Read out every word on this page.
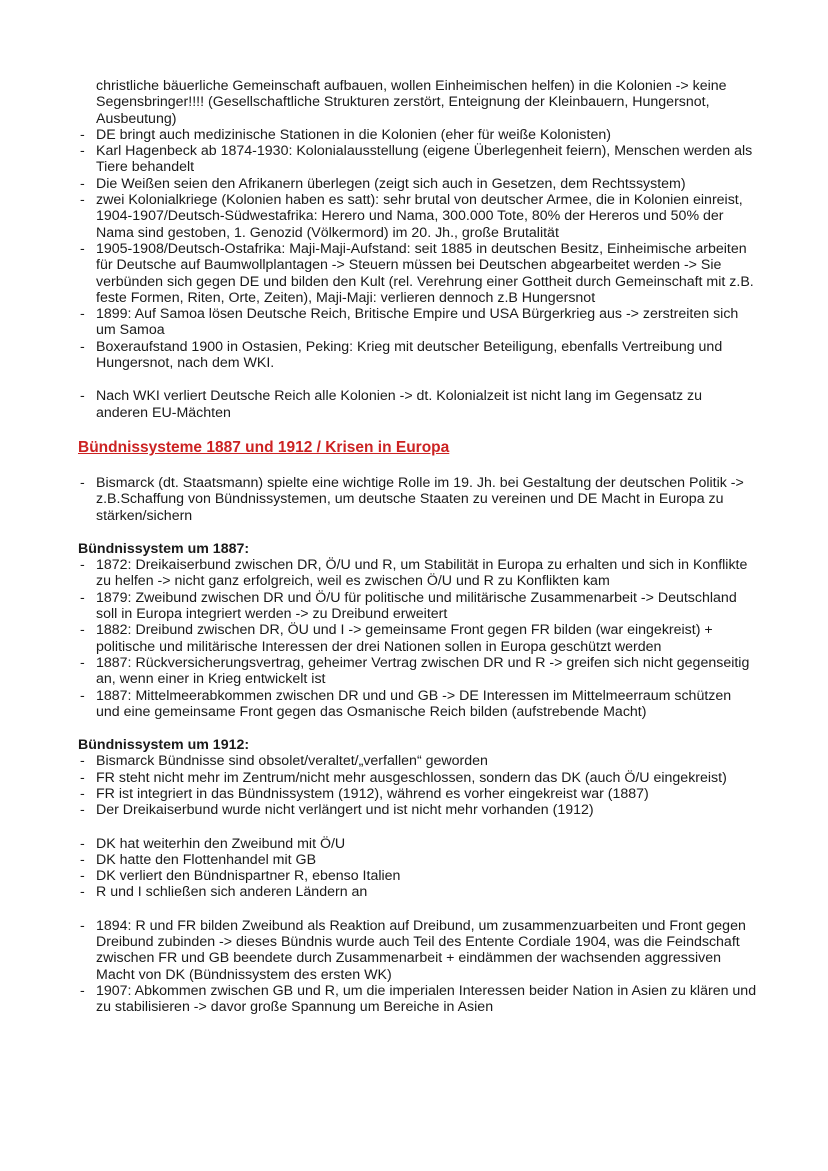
christliche bäuerliche Gemeinschaft aufbauen, wollen Einheimischen helfen) in die Kolonien -> keine Segensbringer!!!! (Gesellschaftliche Strukturen zerstört, Enteignung der Kleinbauern, Hungersnot, Ausbeutung)
- DE bringt auch medizinische Stationen in die Kolonien (eher für weiße Kolonisten)
- Karl Hagenbeck ab 1874-1930: Kolonialausstellung (eigene Überlegenheit feiern), Menschen werden als Tiere behandelt
- Die Weißen seien den Afrikanern überlegen (zeigt sich auch in Gesetzen, dem Rechtssystem)
- zwei Kolonialkriege (Kolonien haben es satt): sehr brutal von deutscher Armee, die in Kolonien einreist, 1904-1907/Deutsch-Südwestafrika: Herero und Nama, 300.000 Tote, 80% der Hereros und 50% der Nama sind gestoben, 1. Genozid (Völkermord) im 20. Jh., große Brutalität
- 1905-1908/Deutsch-Ostafrika: Maji-Maji-Aufstand: seit 1885 in deutschen Besitz, Einheimische arbeiten für Deutsche auf Baumwollplantagen -> Steuern müssen bei Deutschen abgearbeitet werden -> Sie verbünden sich gegen DE und bilden den Kult (rel. Verehrung einer Gottheit durch Gemeinschaft mit z.B. feste Formen, Riten, Orte, Zeiten), Maji-Maji: verlieren dennoch z.B Hungersnot
- 1899: Auf Samoa lösen Deutsche Reich, Britische Empire und USA Bürgerkrieg aus -> zerstreiten sich um Samoa
- Boxeraufstand 1900 in Ostasien, Peking: Krieg mit deutscher Beteiligung, ebenfalls Vertreibung und Hungersnot, nach dem WKI.
- Nach WKI verliert Deutsche Reich alle Kolonien -> dt. Kolonialzeit ist nicht lang im Gegensatz zu anderen EU-Mächten
Bündnissysteme 1887 und 1912 / Krisen in Europa
- Bismarck (dt. Staatsmann) spielte eine wichtige Rolle im 19. Jh. bei Gestaltung der deutschen Politik -> z.B.Schaffung von Bündnissystemen, um deutsche Staaten zu vereinen und DE Macht in Europa zu stärken/sichern
Bündnissystem um 1887:
- 1872: Dreikaiserbund zwischen DR, Ö/U und R, um Stabilität in Europa zu erhalten und sich in Konflikte zu helfen -> nicht ganz erfolgreich, weil es zwischen Ö/U und R zu Konflikten kam
- 1879: Zweibund zwischen DR und Ö/U für politische und militärische Zusammenarbeit -> Deutschland soll in Europa integriert werden -> zu Dreibund erweitert
- 1882: Dreibund zwischen DR, ÖU und I -> gemeinsame Front gegen FR bilden (war eingekreist) + politische und militärische Interessen der drei Nationen sollen in Europa geschützt werden
- 1887: Rückversicherungsvertrag, geheimer Vertrag zwischen DR und R -> greifen sich nicht gegenseitig an, wenn einer in Krieg entwickelt ist
- 1887: Mittelmeerabkommen zwischen DR und und GB -> DE Interessen im Mittelmeerraum schützen und eine gemeinsame Front gegen das Osmanische Reich bilden (aufstrebende Macht)
Bündnissystem um 1912:
- Bismarck Bündnisse sind obsolet/veraltet/„verfallen“ geworden
- FR steht nicht mehr im Zentrum/nicht mehr ausgeschlossen, sondern das DK (auch Ö/U eingekreist)
- FR ist integriert in das Bündnissystem (1912), während es vorher eingekreist war (1887)
- Der Dreikaiserbund wurde nicht verlängert und ist nicht mehr vorhanden (1912)
- DK hat weiterhin den Zweibund mit Ö/U
- DK hatte den Flottenhandel mit GB
- DK verliert den Bündnispartner R, ebenso Italien
- R und I schließen sich anderen Ländern an
- 1894: R und FR bilden Zweibund als Reaktion auf Dreibund, um zusammenzuarbeiten und Front gegen Dreibund zubinden -> dieses Bündnis wurde auch Teil des Entente Cordiale 1904, was die Feindschaft zwischen FR und GB beendete durch Zusammenarbeit + eindämmen der wachsenden aggressiven Macht von DK (Bündnissystem des ersten WK)
- 1907: Abkommen zwischen GB und R, um die imperialen Interessen beider Nation in Asien zu klären und zu stabilisieren -> davor große Spannung um Bereiche in Asien
